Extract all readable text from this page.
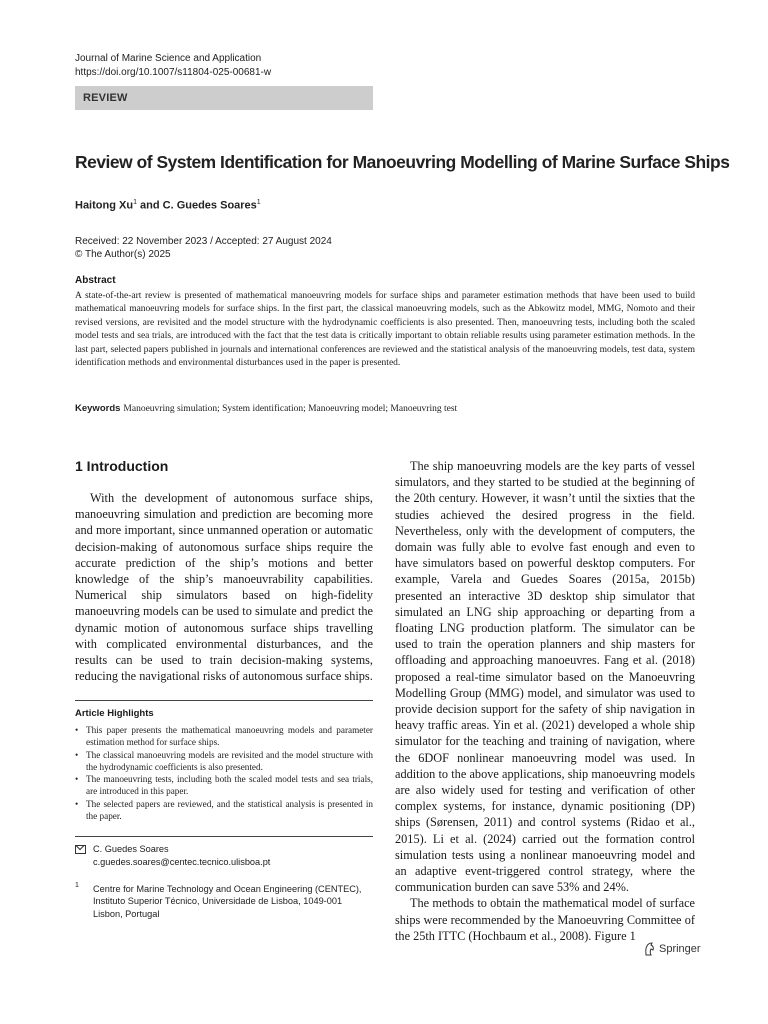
Journal of Marine Science and Application
https://doi.org/10.1007/s11804-025-00681-w
REVIEW
Review of System Identification for Manoeuvring Modelling of Marine Surface Ships
Haitong Xu$^1$ and C. Guedes Soares$^1$
Received: 22 November 2023 / Accepted: 27 August 2024
© The Author(s) 2025
Abstract
A state-of-the-art review is presented of mathematical manoeuvring models for surface ships and parameter estimation methods that have been used to build mathematical manoeuvring models for surface ships. In the first part, the classical manoeuvring models, such as the Abkowitz model, MMG, Nomoto and their revised versions, are revisited and the model structure with the hydrodynamic coefficients is also presented. Then, manoeuvring tests, including both the scaled model tests and sea trials, are introduced with the fact that the test data is critically important to obtain reliable results using parameter estimation methods. In the last part, selected papers published in journals and international conferences are reviewed and the statistical analysis of the manoeuvring models, test data, system identification methods and environmental disturbances used in the paper is presented.
Keywords Manoeuvring simulation; System identification; Manoeuvring model; Manoeuvring test
1 Introduction

With the development of autonomous surface ships, manoeuvring simulation and prediction are becoming more and more important, since unmanned operation or automatic decision-making of autonomous surface ships require the accurate prediction of the ship’s motions and better knowledge of the ship’s manoeuvrability capabilities. Numerical ship simulators based on high-fidelity manoeuvring models can be used to simulate and predict the dynamic motion of autonomous surface ships travelling with complicated environmental disturbances, and the results can be used to train decision-making systems, reducing the navigational risks of autonomous surface ships.

Article Highlights
• This paper presents the mathematical manoeuvring models and parameter estimation method for surface ships.
• The classical manoeuvring models are revisited and the model structure with the hydrodynamic coefficients is also presented.
• The manoeuvring tests, including both the scaled model tests and sea trials, are introduced in this paper.
• The selected papers are reviewed, and the statistical analysis is presented in the paper.
C. Guedes Soares
c.guedes.soares@centec.tecnico.ulisboa.pt
1 Centre for Marine Technology and Ocean Engineering (CENTEC), Instituto Superior Técnico, Universidade de Lisboa, 1049-001 Lisbon, Portugal

The ship manoeuvring models are the key parts of vessel simulators, and they started to be studied at the beginning of the 20th century. However, it wasn’t until the sixties that the studies achieved the desired progress in the field. Nevertheless, only with the development of computers, the domain was fully able to evolve fast enough and even to have simulators based on powerful desktop computers. For example, Varela and Guedes Soares (2015a, 2015b) presented an interactive 3D desktop ship simulator that simulated an LNG ship approaching or departing from a floating LNG production platform. The simulator can be used to train the operation planners and ship masters for offloading and approaching manoeuvres. Fang et al. (2018) proposed a real-time simulator based on the Manoeuvring Modelling Group (MMG) model, and simulator was used to provide decision support for the safety of ship navigation in heavy traffic areas. Yin et al. (2021) developed a whole ship simulator for the teaching and training of navigation, where the 6DOF nonlinear manoeuvring model was used. In addition to the above applications, ship manoeuvring models are also widely used for testing and verification of other complex systems, for instance, dynamic positioning (DP) ships (Sørensen, 2011) and control systems (Ridao et al., 2015). Li et al. (2024) carried out the formation control simulation tests using a nonlinear manoeuvring model and an adaptive event-triggered control strategy, where the communication burden can save 53% and 24%.

The methods to obtain the mathematical model of surface ships were recommended by the Manoeuvring Committee of the 25th ITTC (Hochbaum et al., 2008). Figure 1

Springer
